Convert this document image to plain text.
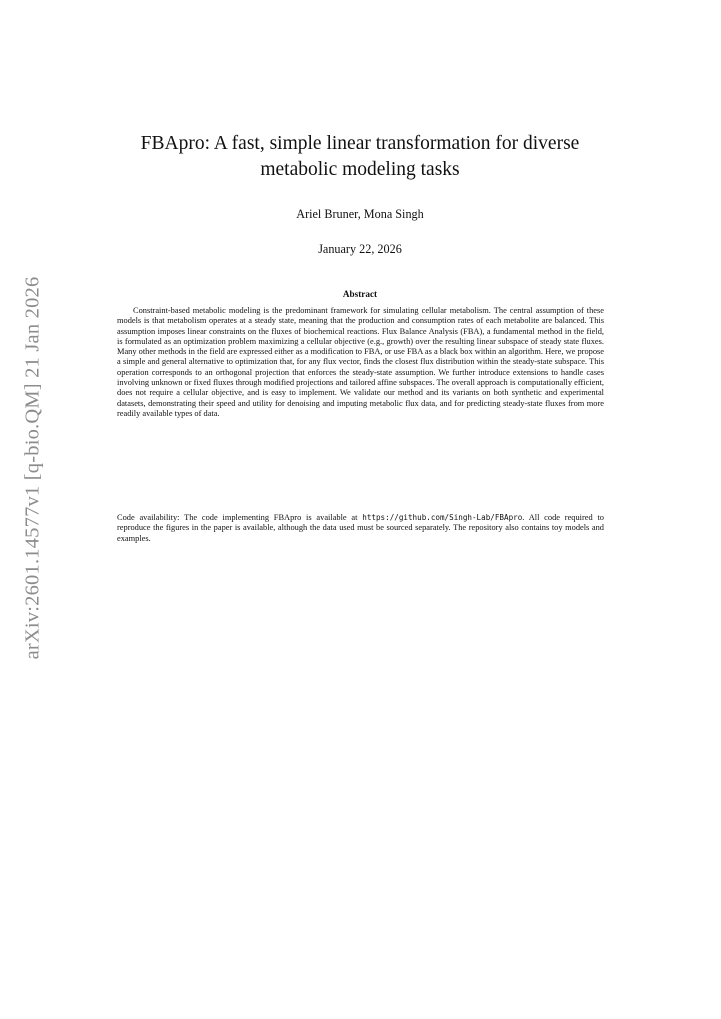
arXiv:2601.14577v1 [q-bio.QM] 21 Jan 2026
FBApro: A fast, simple linear transformation for diverse metabolic modeling tasks
Ariel Bruner, Mona Singh
January 22, 2026
Abstract

Constraint-based metabolic modeling is the predominant framework for simulating cellular metabolism. The central assumption of these models is that metabolism operates at a steady state, meaning that the production and consumption rates of each metabolite are balanced. This assumption imposes linear constraints on the fluxes of biochemical reactions. Flux Balance Analysis (FBA), a fundamental method in the field, is formulated as an optimization problem maximizing a cellular objective (e.g., growth) over the resulting linear subspace of steady state fluxes. Many other methods in the field are expressed either as a modification to FBA, or use FBA as a black box within an algorithm. Here, we propose a simple and general alternative to optimization that, for any flux vector, finds the closest flux distribution within the steady-state subspace. This operation corresponds to an orthogonal projection that enforces the steady-state assumption. We further introduce extensions to handle cases involving unknown or fixed fluxes through modified projections and tailored affine subspaces. The overall approach is computationally efficient, does not require a cellular objective, and is easy to implement. We validate our method and its variants on both synthetic and experimental datasets, demonstrating their speed and utility for denoising and imputing metabolic flux data, and for predicting steady-state fluxes from more readily available types of data.

Code availability: The code implementing FBApro is available at https://github.com/Singh-Lab/FBApro. All code required to reproduce the figures in the paper is available, although the data used must be sourced separately. The repository also contains toy models and examples.
